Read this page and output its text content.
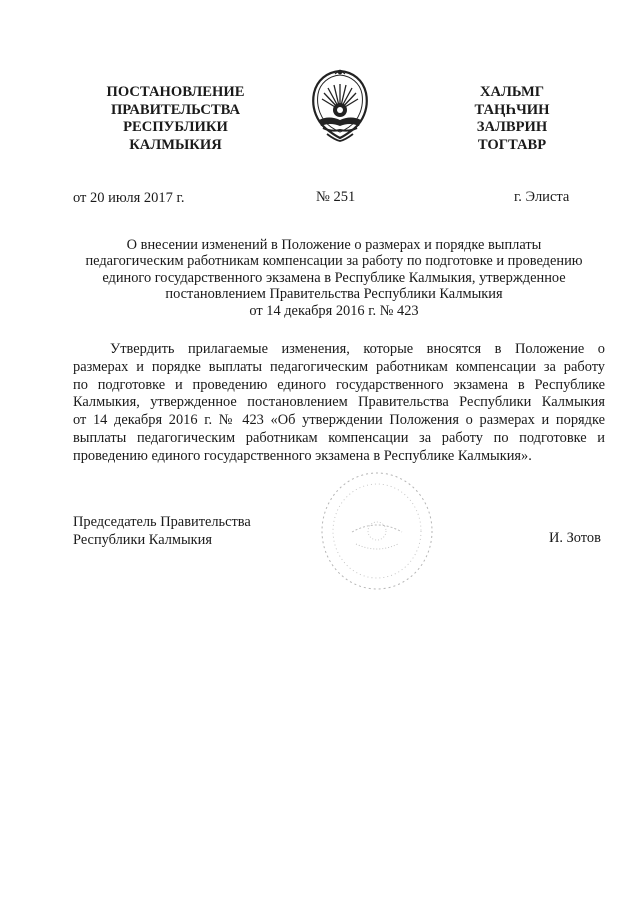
ПОСТАНОВЛЕНИЕ
ПРАВИТЕЛЬСТВА
РЕСПУБЛИКИ
КАЛМЫКИЯ
ХАЛЬМГ
ТАҢҺЧИН
ЗАЛВРИН
ТОГТАВР
от 20 июля 2017 г.	№ 251	г. Элиста
О внесении изменений в Положение о размерах и порядке выплаты
педагогическим работникам компенсации за работу по подготовке и проведению
единого государственного экзамена в Республике Калмыкия, утвержденное
постановлением Правительства Республики Калмыкия
от 14 декабря 2016 г. № 423
Утвердить прилагаемые изменения, которые вносятся в Положение о
размерах и порядке выплаты педагогическим работникам компенсации за работу
по подготовке и проведению единого государственного экзамена в Республике
Калмыкия, утвержденное постановлением Правительства Республики Калмыкия
от 14 декабря 2016 г. № 423 «Об утверждении Положения о размерах и порядке
выплаты педагогическим работникам компенсации за работу по подготовке и
проведению единого государственного экзамена в Республике Калмыкия».
Председатель Правительства
Республики Калмыкия	И. Зотов
